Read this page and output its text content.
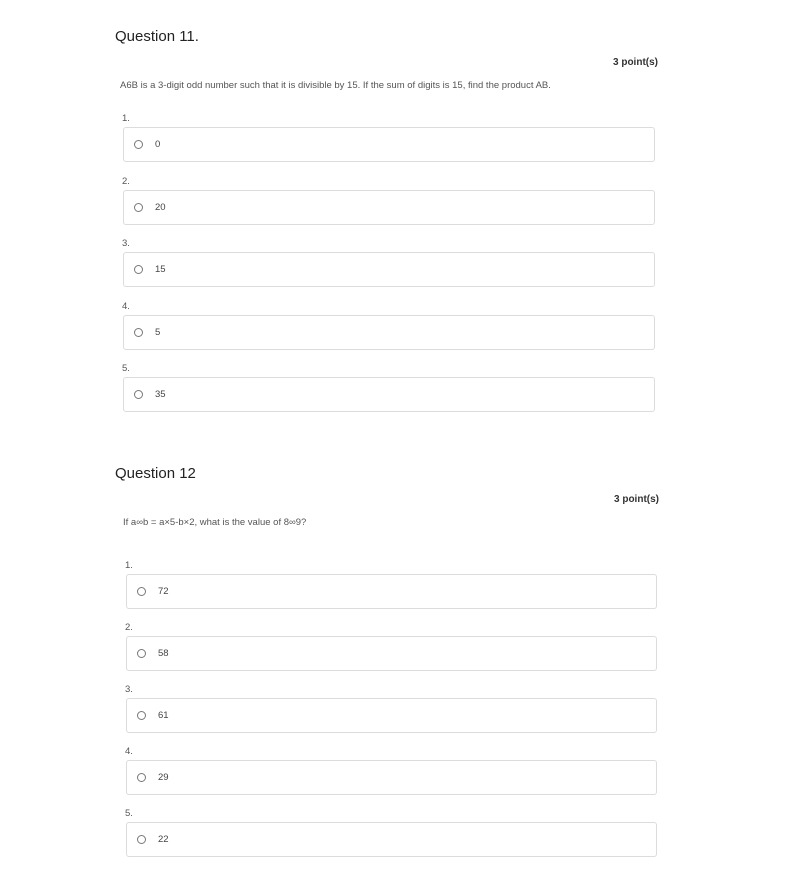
Question 11.
3 point(s)
A6B is a 3-digit odd number such that it is divisible by 15. If the sum of digits is 15, find the product AB.
1.
0
2.
20
3.
15
4.
5
5.
35
Question 12
3 point(s)
If a∞b = a×5-b×2, what is the value of 8∞9?
1.
72
2.
58
3.
61
4.
29
5.
22
